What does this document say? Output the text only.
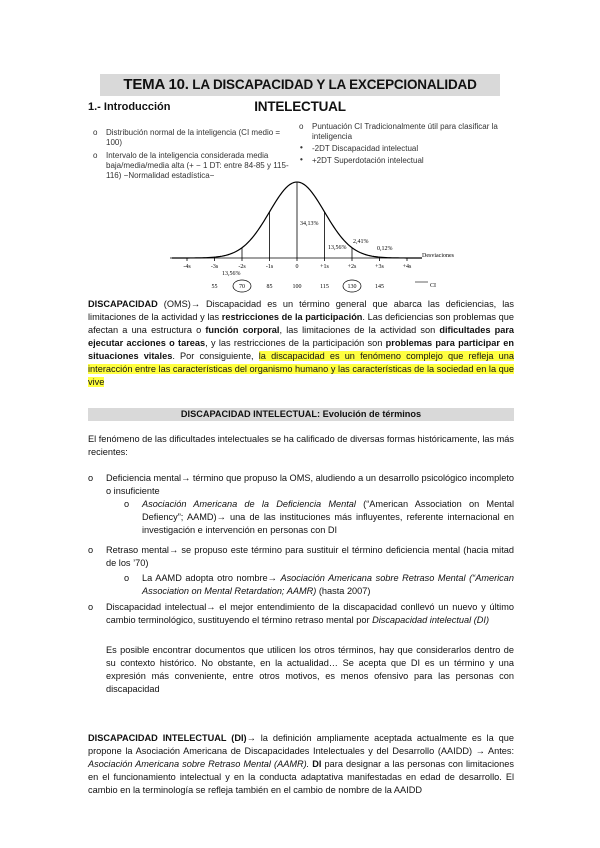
TEMA 10. LA DISCAPACIDAD Y LA EXCEPCIONALIDAD INTELECTUAL
1.- Introducción
o Distribución normal de la inteligencia (CI medio = 100)
o Intervalo de la inteligencia considerada media baja/media/media alta (+ − 1 DT: entre 84-85 y 115-116) −Normalidad estadística−
o Puntuación CI Tradicionalmente útil para clasificar la inteligencia
• -2DT Discapacidad intelectual
• +2DT Superdotación intelectual
13,56%
34,13%
13,56%
2,41%
0,12%
Desviaciones
CI
-4s	-3s	-2s	-1s	0	+1s	+2s	+3s	+4s
55	70	85	100	115	130	145
DISCAPACIDAD (OMS)→ Discapacidad es un término general que abarca las deficiencias, las limitaciones de la actividad y las restricciones de la participación. Las deficiencias son problemas que afectan a una estructura o función corporal, las limitaciones de la actividad son dificultades para ejecutar acciones o tareas, y las restricciones de la participación son problemas para participar en situaciones vitales. Por consiguiente, la discapacidad es un fenómeno complejo que refleja una interacción entre las características del organismo humano y las características de la sociedad en la que vive
DISCAPACIDAD INTELECTUAL: Evolución de términos
El fenómeno de las dificultades intelectuales se ha calificado de diversas formas históricamente, las más recientes:
o Deficiencia mental→ término que propuso la OMS, aludiendo a un desarrollo psicológico incompleto o insuficiente
o Asociación Americana de la Deficiencia Mental (“American Association on Mental Defiency”; AAMD)→ una de las instituciones más influyentes, referente internacional en investigación e intervención en personas con DI
o Retraso mental→ se propuso este término para sustituir el término deficiencia mental (hacia mitad de los ’70)
o La AAMD adopta otro nombre→ Asociación Americana sobre Retraso Mental (“American Association on Mental Retardation; AAMR) (hasta 2007)
o Discapacidad intelectual→ el mejor entendimiento de la discapacidad conllevó un nuevo y último cambio terminológico, sustituyendo el término retraso mental por Discapacidad intelectual (DI)
Es posible encontrar documentos que utilicen los otros términos, hay que considerarlos dentro de su contexto histórico. No obstante, en la actualidad… Se acepta que DI es un término y una expresión más conveniente, entre otros motivos, es menos ofensivo para las personas con discapacidad
DISCAPACIDAD INTELECTUAL (DI)→ la definición ampliamente aceptada actualmente es la que propone la Asociación Americana de Discapacidades Intelectuales y del Desarrollo (AAIDD) → Antes: Asociación Americana sobre Retraso Mental (AAMR). DI para designar a las personas con limitaciones en el funcionamiento intelectual y en la conducta adaptativa manifestadas en edad de desarrollo. El cambio en la terminología se refleja también en el cambio de nombre de la AAIDD
